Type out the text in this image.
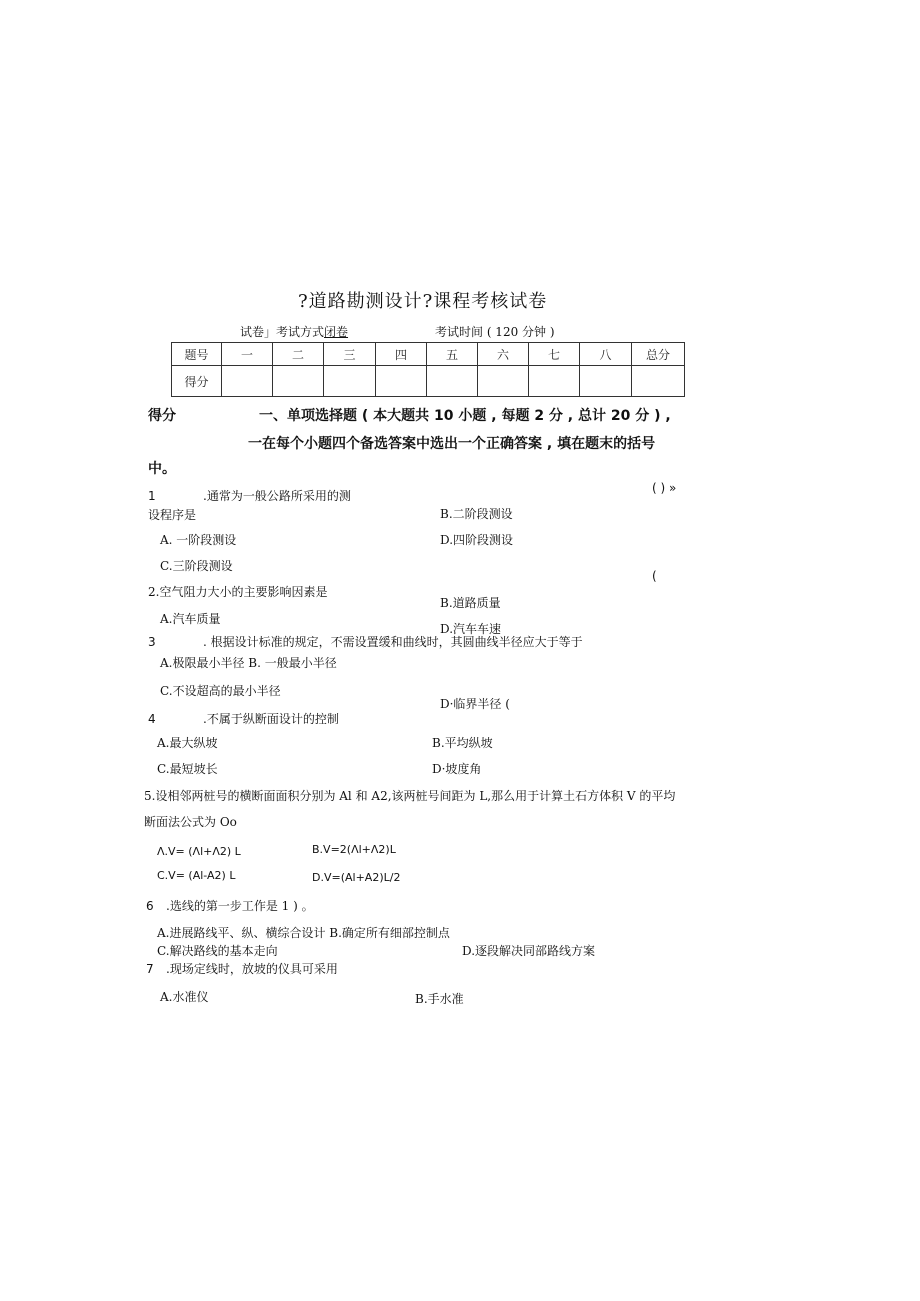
?道路勘测设计?课程考核试卷
试卷」考试方式闭卷	考试时间 ( 120 分钟 )
题号	一	二	三	四	五	六	七	八	总分
得分									
得分	一、单项选择题 ( 本大题共 10 小题 , 每题 2 分 , 总计 20 分 ) ,
一在每个小题四个备选答案中选出一个正确答案 , 填在题末的括号
中。
1	.通常为一般公路所采用的测
( ) »
设程序是	B.二阶段测设
A. 一阶段测设	D.四阶段测设
C.三阶段测设
(
2.空气阻力大小的主要影响因素是
B.道路质量
A.汽车质量
D.汽车车速
3	. 根据设计标准的规定，不需设置缓和曲线时，其圆曲线半径应大于等于
A.极限最小半径 B. 一般最小半径
C.不设超高的最小半径
D·临界半径 (
4	.不属于纵断面设计的控制
A.最大纵坡	B.平均纵坡
C.最短坡长	D·坡度角
5.设相邻两桩号的横断面面积分别为 Al 和 A2,该两桩号间距为 L,那么用于计算土石方体积 V 的平均
断面法公式为 Oo
Λ.V= (Λl+Λ2) L	B.V=2(Λl+Λ2)L
C.V= (Al-A2) L	D.V=(Al+A2)L/2
6 .选线的第一步工作是 1 ) 。
A.进展路线平、纵、横综合设计 B.确定所有细部控制点
C.解决路线的基本走向	D.逐段解决同部路线方案
7 .现场定线时，放坡的仪具可采用
A.水准仪	B.手水准
